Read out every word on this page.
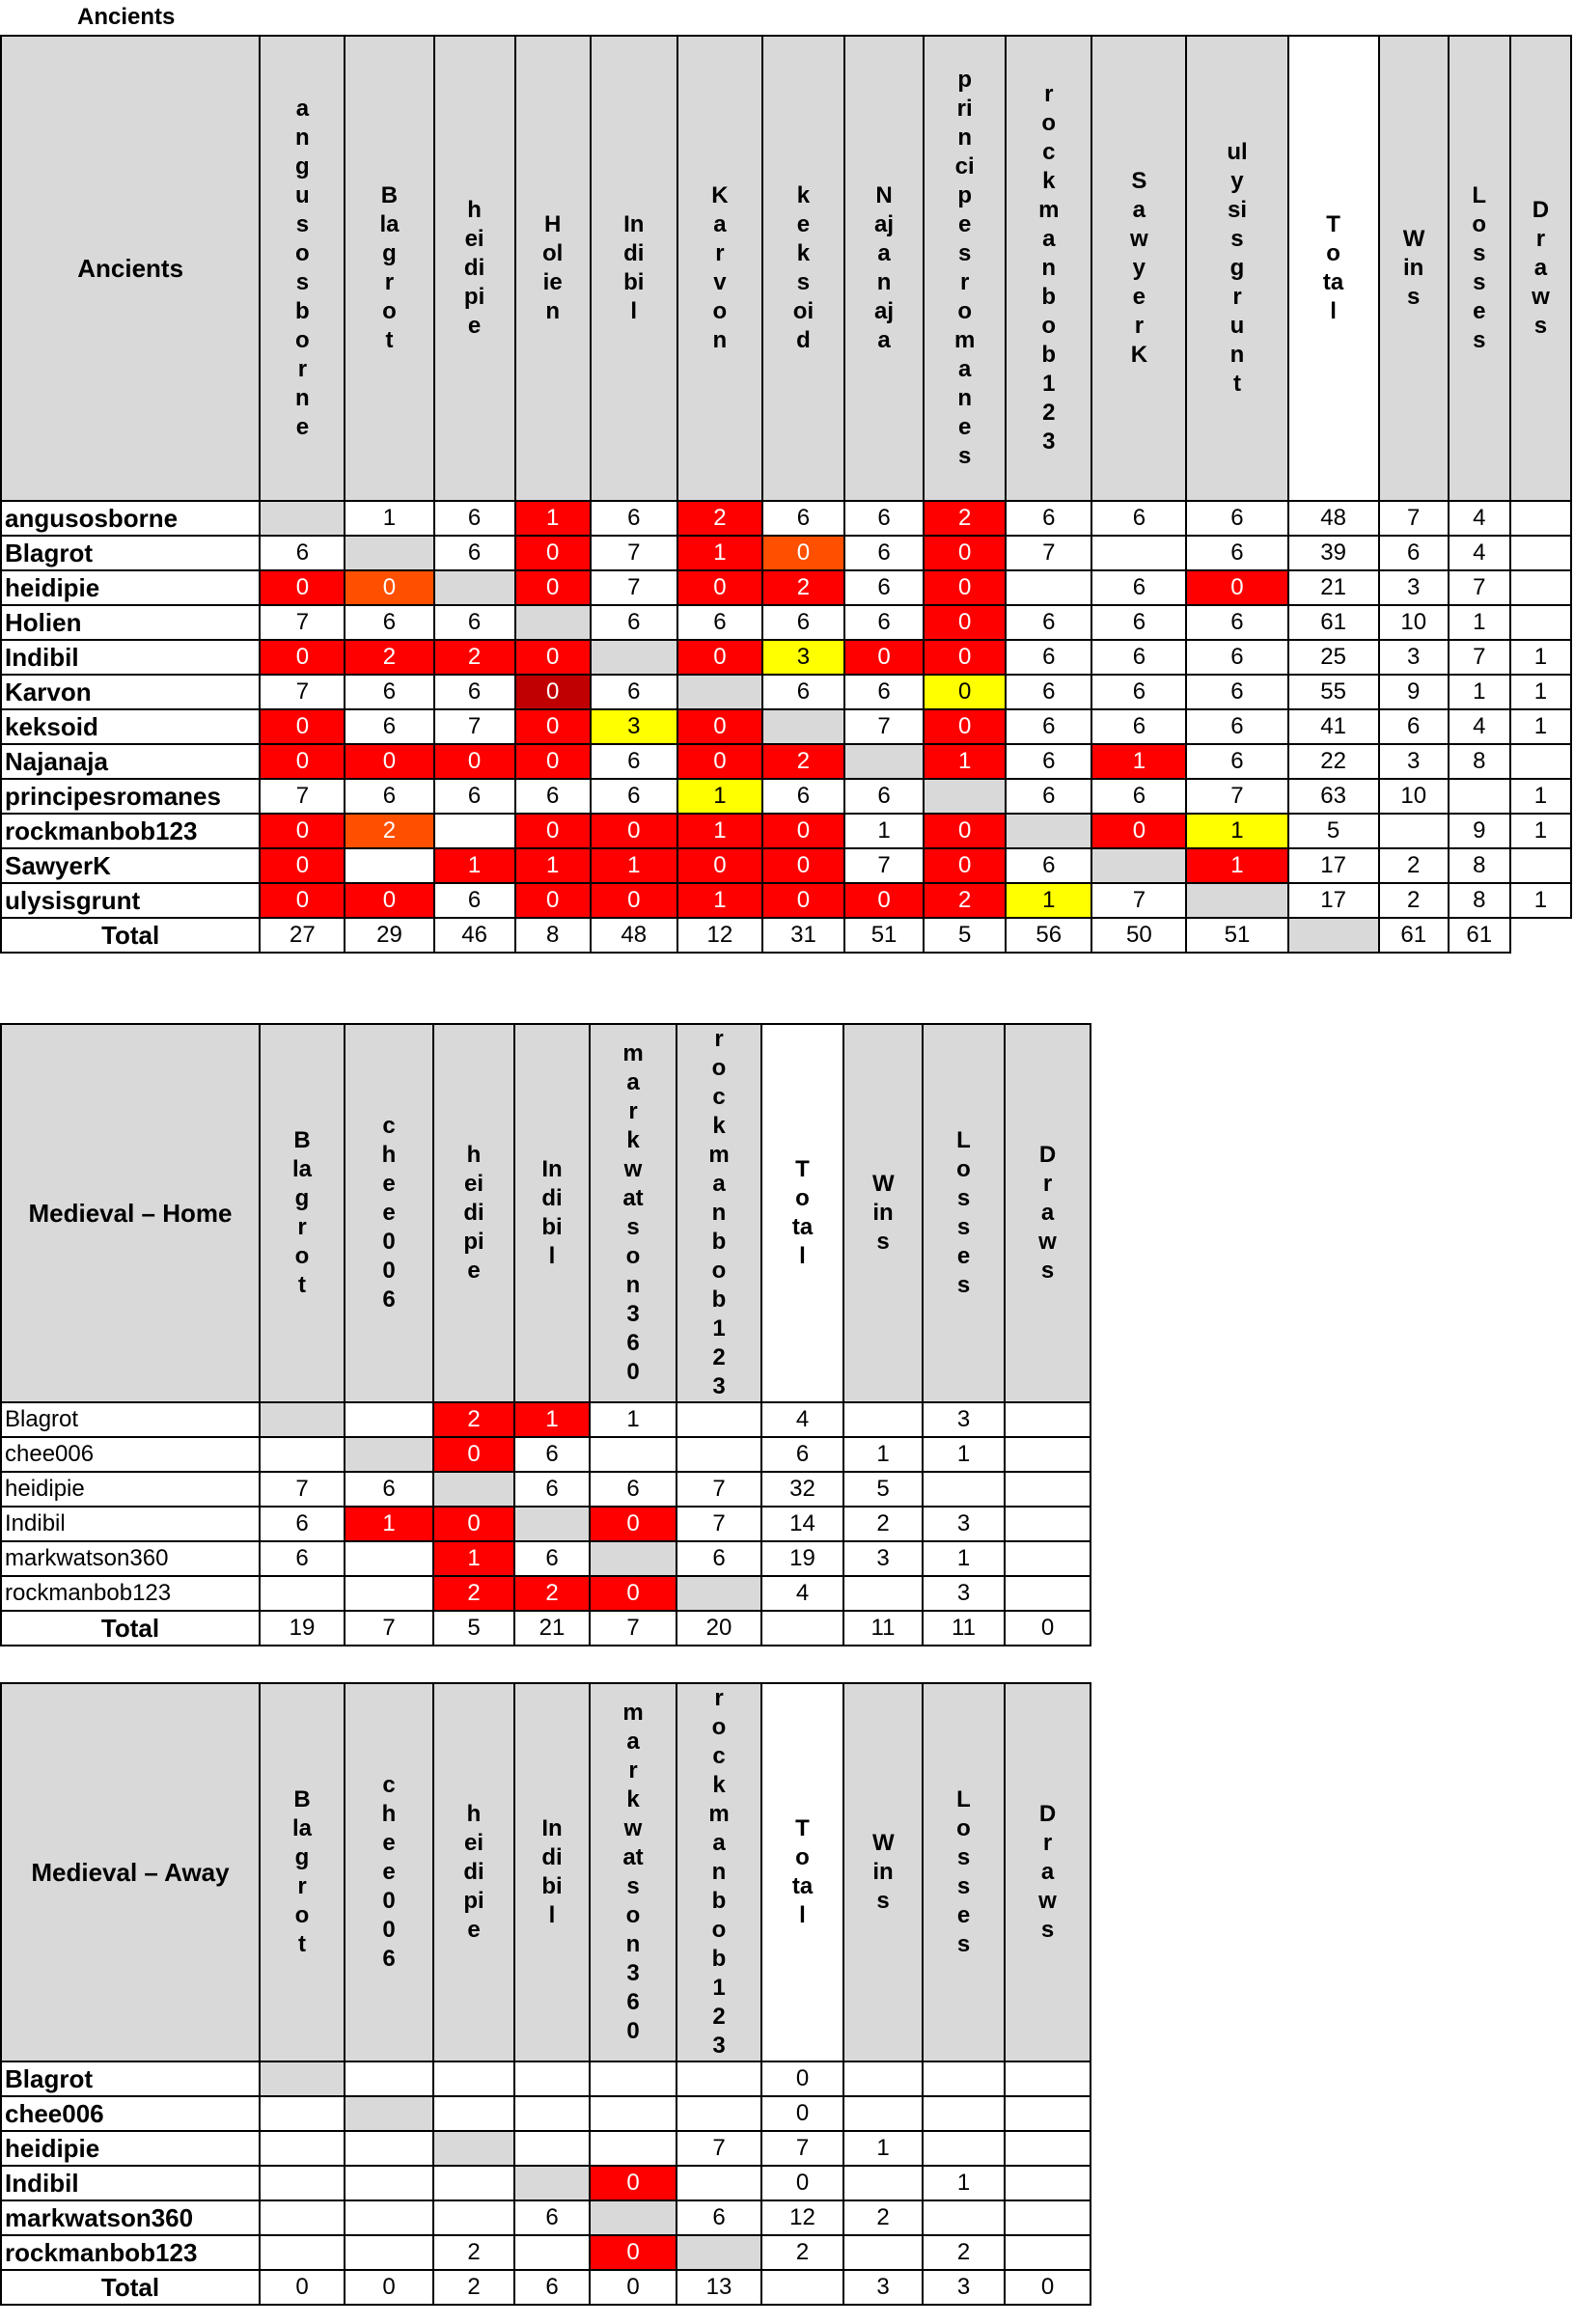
Ancients
Ancients	angusosborne	Blagrot	heidipie	Holien	Indibil	Karvon	keksoid	Najanaja	principesromanes	rockmanbob123	SawyerK	ulysisgrunt	Total	Wins	Losses	Draws

angusosborne		1	6	1	6	2	6	6	2	6	6	6	48	7	4	
Blagrot	6		6	0	7	1	0	6	0	7		6	39	6	4	
heidipie	0	0		0	7	0	2	6	0		6	0	21	3	7	
Holien	7	6	6		6	6	6	6	0	6	6	6	61	10	1	
Indibil	0	2	2	0		0	3	0	0	6	6	6	25	3	7	1
Karvon	7	6	6	0	6		6	6	0	6	6	6	55	9	1	1
keksoid	0	6	7	0	3	0		7	0	6	6	6	41	6	4	1
Najanaja	0	0	0	0	6	0	2		1	6	1	6	22	3	8	
principesromanes	7	6	6	6	6	1	6	6		6	6	7	63	10		1
rockmanbob123	0	2		0	0	1	0	1	0		0	1	5		9	1
SawyerK	0		1	1	1	0	0	7	0	6		1	17	2	8	
ulysisgrunt	0	0	6	0	0	1	0	0	2	1	7		17	2	8	1
Total	27	29	46	8	48	12	31	51	5	56	50	51		61	61	
Medieval – Home	Blagrot	chee006	heidipie	Indibil	markwatson360	rockmanbob123	Total	Wins	Losses	Draws

Blagrot			2	1	1		4		3	
chee006			0	6			6	1	1	
heidipie	7	6		6	6	7	32	5		
Indibil	6	1	0		0	7	14	2	3	
markwatson360	6		1	6		6	19	3	1	
rockmanbob123			2	2	0		4		3	
Total	19	7	5	21	7	20		11	11	0
Medieval – Away	Blagrot	chee006	heidipie	Indibil	markwatson360	rockmanbob123	Total	Wins	Losses	Draws

Blagrot							0			
chee006							0			
heidipie						7	7	1		
Indibil					0		0		1	
markwatson360				6		6	12	2		
rockmanbob123			2		0		2		2	
Total	0	0	2	6	0	13		3	3	0
